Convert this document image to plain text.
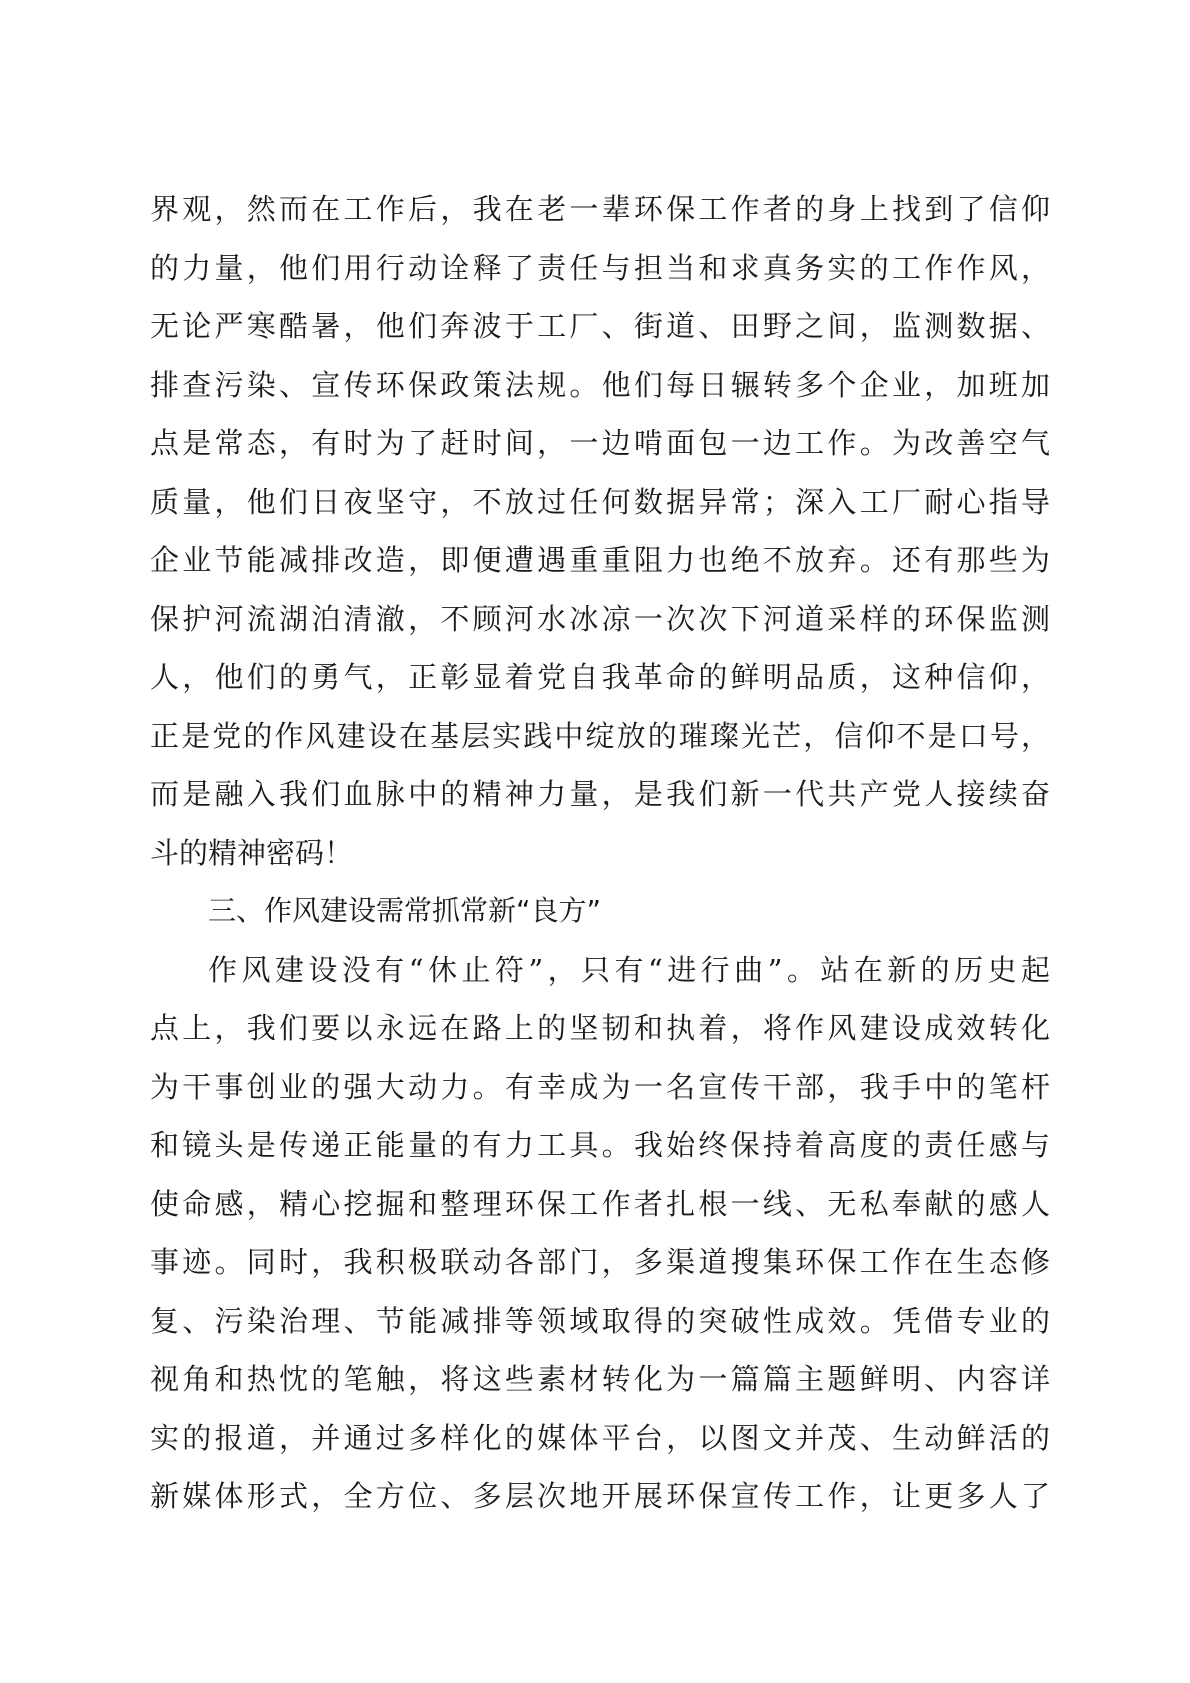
界观，然而在工作后，我在老一辈环保工作者的身上找到了信仰
的力量，他们用行动诠释了责任与担当和求真务实的工作作风，
无论严寒酷暑，他们奔波于工厂、街道、田野之间，监测数据、
排查污染、宣传环保政策法规。他们每日辗转多个企业，加班加
点是常态，有时为了赶时间，一边啃面包一边工作。为改善空气
质量，他们日夜坚守，不放过任何数据异常；深入工厂耐心指导
企业节能减排改造，即便遭遇重重阻力也绝不放弃。还有那些为
保护河流湖泊清澈，不顾河水冰凉一次次下河道采样的环保监测
人，他们的勇气，正彰显着党自我革命的鲜明品质，这种信仰，
正是党的作风建设在基层实践中绽放的璀璨光芒，信仰不是口号，
而是融入我们血脉中的精神力量，是我们新一代共产党人接续奋
斗的精神密码！
三、作风建设需常抓常新“良方”
作风建设没有“休止符”，只有“进行曲”。站在新的历史起
点上，我们要以永远在路上的坚韧和执着，将作风建设成效转化
为干事创业的强大动力。有幸成为一名宣传干部，我手中的笔杆
和镜头是传递正能量的有力工具。我始终保持着高度的责任感与
使命感，精心挖掘和整理环保工作者扎根一线、无私奉献的感人
事迹。同时，我积极联动各部门，多渠道搜集环保工作在生态修
复、污染治理、节能减排等领域取得的突破性成效。凭借专业的
视角和热忱的笔触，将这些素材转化为一篇篇主题鲜明、内容详
实的报道，并通过多样化的媒体平台，以图文并茂、生动鲜活的
新媒体形式，全方位、多层次地开展环保宣传工作，让更多人了
